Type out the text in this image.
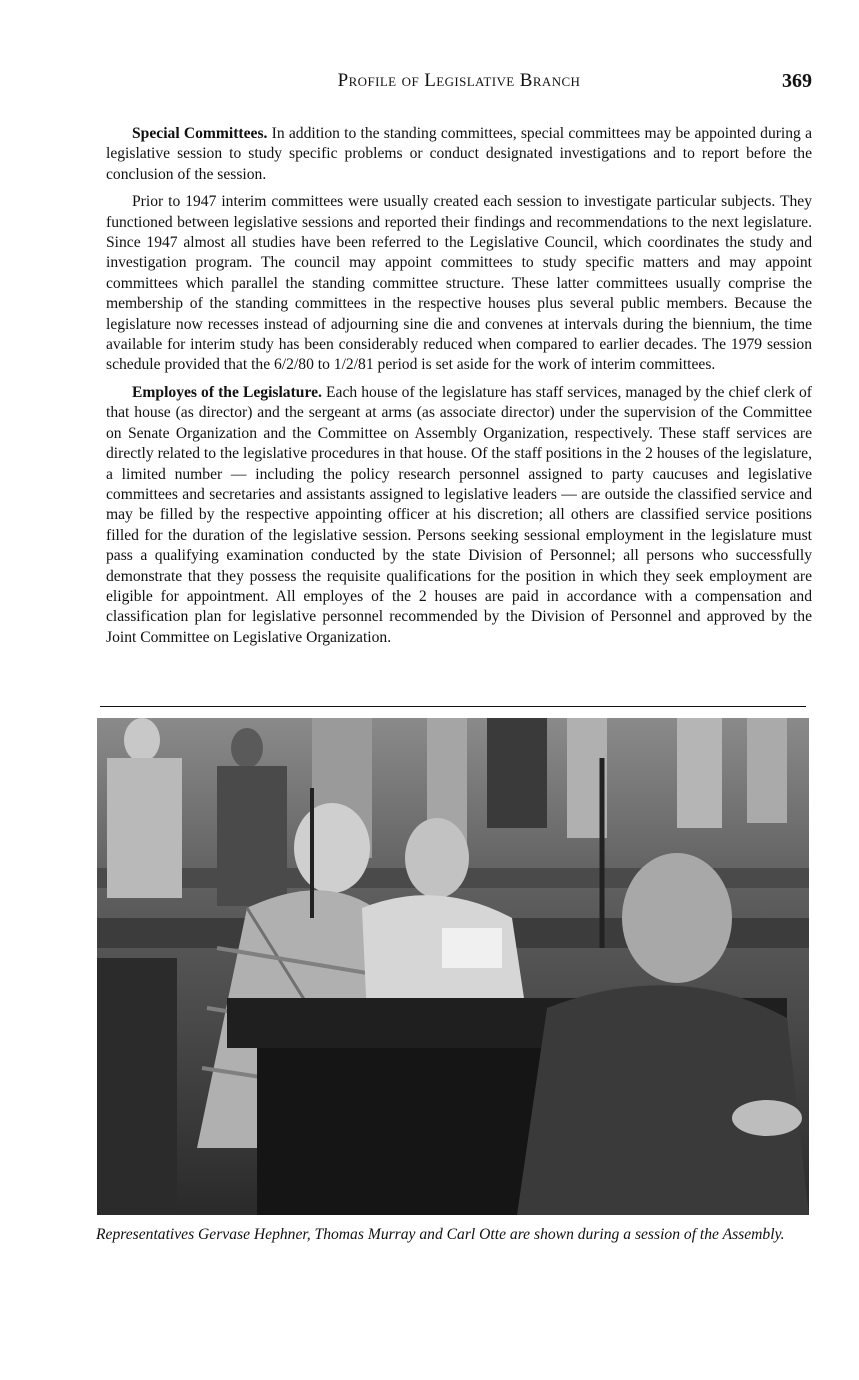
Profile of Legislative Branch	369

Special Committees. In addition to the standing committees, special committees may be appointed during a legislative session to study specific problems or conduct designated investigations and to report before the conclusion of the session.

Prior to 1947 interim committees were usually created each session to investigate particular subjects. They functioned between legislative sessions and reported their findings and recommendations to the next legislature. Since 1947 almost all studies have been referred to the Legislative Council, which coordinates the study and investigation program. The council may appoint committees to study specific matters and may appoint committees which parallel the standing committee structure. These latter committees usually comprise the membership of the standing committees in the respective houses plus several public members. Because the legislature now recesses instead of adjourning sine die and convenes at intervals during the biennium, the time available for interim study has been considerably reduced when compared to earlier decades. The 1979 session schedule provided that the 6/2/80 to 1/2/81 period is set aside for the work of interim committees.

Employes of the Legislature. Each house of the legislature has staff services, managed by the chief clerk of that house (as director) and the sergeant at arms (as associate director) under the supervision of the Committee on Senate Organization and the Committee on Assembly Organization, respectively. These staff services are directly related to the legislative procedures in that house. Of the staff positions in the 2 houses of the legislature, a limited number — including the policy research personnel assigned to party caucuses and legislative committees and secretaries and assistants assigned to legislative leaders — are outside the classified service and may be filled by the respective appointing officer at his discretion; all others are classified service positions filled for the duration of the legislative session. Persons seeking sessional employment in the legislature must pass a qualifying examination conducted by the state Division of Personnel; all persons who successfully demonstrate that they possess the requisite qualifications for the position in which they seek employment are eligible for appointment. All employes of the 2 houses are paid in accordance with a compensation and classification plan for legislative personnel recommended by the Division of Personnel and approved by the Joint Committee on Legislative Organization.

Representatives Gervase Hephner, Thomas Murray and Carl Otte are shown during a session of the Assembly.
